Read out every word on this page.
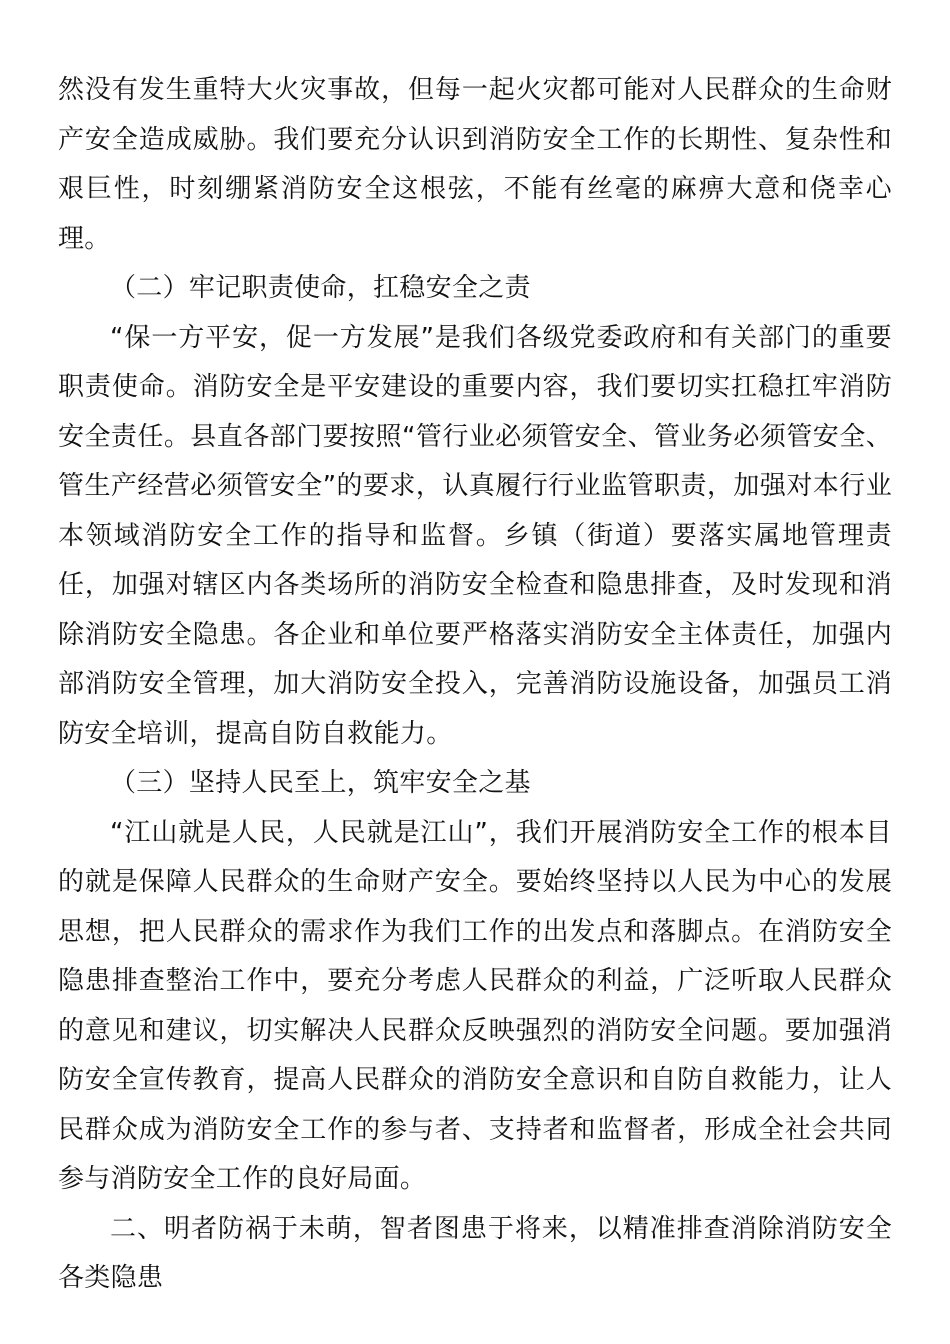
然没有发生重特大火灾事故，但每一起火灾都可能对人民群众的生命财产安全造成威胁。我们要充分认识到消防安全工作的长期性、复杂性和艰巨性，时刻绷紧消防安全这根弦，不能有丝毫的麻痹大意和侥幸心理。

（二）牢记职责使命，扛稳安全之责

“保一方平安，促一方发展”是我们各级党委政府和有关部门的重要职责使命。消防安全是平安建设的重要内容，我们要切实扛稳扛牢消防安全责任。县直各部门要按照“管行业必须管安全、管业务必须管安全、管生产经营必须管安全”的要求，认真履行行业监管职责，加强对本行业本领域消防安全工作的指导和监督。乡镇（街道）要落实属地管理责任，加强对辖区内各类场所的消防安全检查和隐患排查，及时发现和消除消防安全隐患。各企业和单位要严格落实消防安全主体责任，加强内部消防安全管理，加大消防安全投入，完善消防设施设备，加强员工消防安全培训，提高自防自救能力。

（三）坚持人民至上，筑牢安全之基

“江山就是人民，人民就是江山”，我们开展消防安全工作的根本目的就是保障人民群众的生命财产安全。要始终坚持以人民为中心的发展思想，把人民群众的需求作为我们工作的出发点和落脚点。在消防安全隐患排查整治工作中，要充分考虑人民群众的利益，广泛听取人民群众的意见和建议，切实解决人民群众反映强烈的消防安全问题。要加强消防安全宣传教育，提高人民群众的消防安全意识和自防自救能力，让人民群众成为消防安全工作的参与者、支持者和监督者，形成全社会共同参与消防安全工作的良好局面。

二、明者防祸于未萌，智者图患于将来，以精准排查消除消防安全各类隐患
